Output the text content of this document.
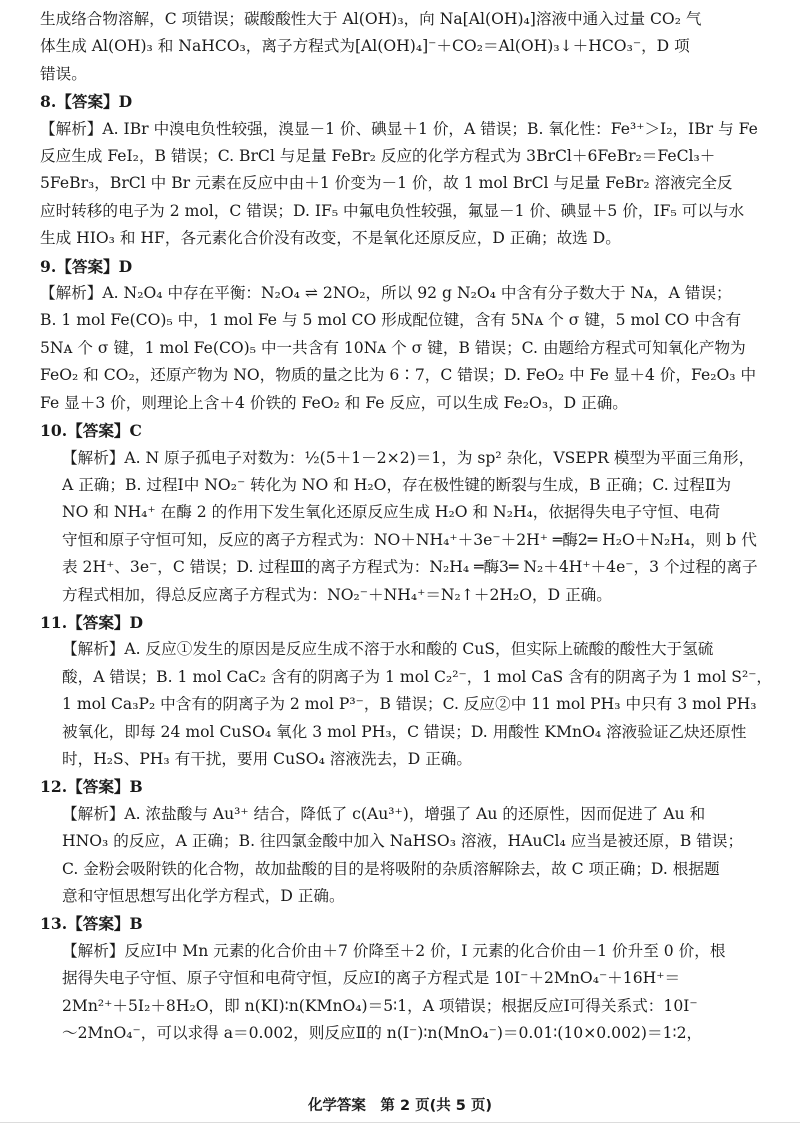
生成络合物溶解，C 项错误；碳酸酸性大于 Al(OH)₃，向 Na[Al(OH)₄]溶液中通入过量 CO₂ 气
体生成 Al(OH)₃ 和 NaHCO₃，离子方程式为[Al(OH)₄]⁻＋CO₂＝Al(OH)₃↓＋HCO₃⁻，D 项
错误。
8.【答案】D
【解析】A. IBr 中溴电负性较强，溴显－1 价、碘显＋1 价，A 错误；B. 氧化性：Fe³⁺＞I₂，IBr 与 Fe
反应生成 FeI₂，B 错误；C. BrCl 与足量 FeBr₂ 反应的化学方程式为 3BrCl＋6FeBr₂＝FeCl₃＋
5FeBr₃，BrCl 中 Br 元素在反应中由＋1 价变为－1 价，故 1 mol BrCl 与足量 FeBr₂ 溶液完全反
应时转移的电子为 2 mol，C 错误；D. IF₅ 中氟电负性较强，氟显－1 价、碘显＋5 价，IF₅ 可以与水
生成 HIO₃ 和 HF，各元素化合价没有改变，不是氧化还原反应，D 正确；故选 D。
9.【答案】D
【解析】A. N₂O₄ 中存在平衡：N₂O₄ ⇌ 2NO₂，所以 92 g N₂O₄ 中含有分子数大于 Nᴀ，A 错误；
B. 1 mol Fe(CO)₅ 中，1 mol Fe 与 5 mol CO 形成配位键，含有 5Nᴀ 个 σ 键，5 mol CO 中含有
5Nᴀ 个 σ 键，1 mol Fe(CO)₅ 中一共含有 10Nᴀ 个 σ 键，B 错误；C. 由题给方程式可知氧化产物为
FeO₂ 和 CO₂，还原产物为 NO，物质的量之比为 6∶7，C 错误；D. FeO₂ 中 Fe 显＋4 价，Fe₂O₃ 中
Fe 显＋3 价，则理论上含＋4 价铁的 FeO₂ 和 Fe 反应，可以生成 Fe₂O₃，D 正确。
10.【答案】C
【解析】A. N 原子孤电子对数为：½(5＋1－2×2)＝1，为 sp² 杂化，VSEPR 模型为平面三角形，
A 正确；B. 过程Ⅰ中 NO₂⁻ 转化为 NO 和 H₂O，存在极性键的断裂与生成，B 正确；C. 过程Ⅱ为
NO 和 NH₄⁺ 在酶 2 的作用下发生氧化还原反应生成 H₂O 和 N₂H₄，依据得失电子守恒、电荷
守恒和原子守恒可知，反应的离子方程式为：NO＋NH₄⁺＋3e⁻＋2H⁺ ═酶2═ H₂O＋N₂H₄，则 b 代
表 2H⁺、3e⁻，C 错误；D. 过程Ⅲ的离子方程式为：N₂H₄ ═酶3═ N₂＋4H⁺＋4e⁻，3 个过程的离子
方程式相加，得总反应离子方程式为：NO₂⁻＋NH₄⁺＝N₂↑＋2H₂O，D 正确。
11.【答案】D
【解析】A. 反应①发生的原因是反应生成不溶于水和酸的 CuS，但实际上硫酸的酸性大于氢硫
酸，A 错误；B. 1 mol CaC₂ 含有的阴离子为 1 mol C₂²⁻，1 mol CaS 含有的阴离子为 1 mol S²⁻，
1 mol Ca₃P₂ 中含有的阴离子为 2 mol P³⁻，B 错误；C. 反应②中 11 mol PH₃ 中只有 3 mol PH₃
被氧化，即每 24 mol CuSO₄ 氧化 3 mol PH₃，C 错误；D. 用酸性 KMnO₄ 溶液验证乙炔还原性
时，H₂S、PH₃ 有干扰，要用 CuSO₄ 溶液洗去，D 正确。
12.【答案】B
【解析】A. 浓盐酸与 Au³⁺ 结合，降低了 c(Au³⁺)，增强了 Au 的还原性，因而促进了 Au 和
HNO₃ 的反应，A 正确；B. 往四氯金酸中加入 NaHSO₃ 溶液，HAuCl₄ 应当是被还原，B 错误；
C. 金粉会吸附铁的化合物，故加盐酸的目的是将吸附的杂质溶解除去，故 C 项正确；D. 根据题
意和守恒思想写出化学方程式，D 正确。
13.【答案】B
【解析】反应Ⅰ中 Mn 元素的化合价由＋7 价降至＋2 价，I 元素的化合价由－1 价升至 0 价，根
据得失电子守恒、原子守恒和电荷守恒，反应Ⅰ的离子方程式是 10I⁻＋2MnO₄⁻＋16H⁺＝
2Mn²⁺＋5I₂＋8H₂O，即 n(KI)∶n(KMnO₄)＝5∶1，A 项错误；根据反应Ⅰ可得关系式：10I⁻
～2MnO₄⁻，可以求得 a＝0.002，则反应Ⅱ的 n(I⁻)∶n(MnO₄⁻)＝0.01∶(10×0.002)＝1∶2，
化学答案　第 2 页(共 5 页)
